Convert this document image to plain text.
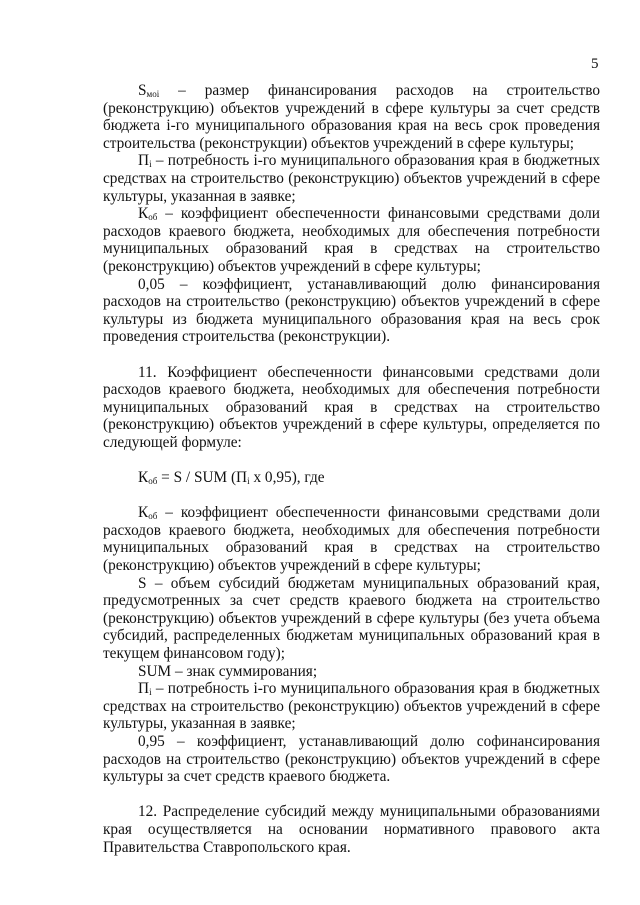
5

$S_{моi}$ – размер финансирования расходов на строительство (реконструкцию) объектов учреждений в сфере культуры за счет средств бюджета i-го муниципального образования края на весь срок проведения строительства (реконструкции) объектов учреждений в сфере культуры;

$П_i$ – потребность i-го муниципального образования края в бюджетных средствах на строительство (реконструкцию) объектов учреждений в сфере культуры, указанная в заявке;

$К_{об}$ – коэффициент обеспеченности финансовыми средствами доли расходов краевого бюджета, необходимых для обеспечения потребности муниципальных образований края в средствах на строительство (реконструкцию) объектов учреждений в сфере культуры;

0,05 – коэффициент, устанавливающий долю финансирования расходов на строительство (реконструкцию) объектов учреждений в сфере культуры из бюджета муниципального образования края на весь срок проведения строительства (реконструкции).

11. Коэффициент обеспеченности финансовыми средствами доли расходов краевого бюджета, необходимых для обеспечения потребности муниципальных образований края в средствах на строительство (реконструкцию) объектов учреждений в сфере культуры, определяется по следующей формуле:

$К_{об} = S$ / SUM ($П_i$ x 0,95), где

$К_{об}$ – коэффициент обеспеченности финансовыми средствами доли расходов краевого бюджета, необходимых для обеспечения потребности муниципальных образований края в средствах на строительство (реконструкцию) объектов учреждений в сфере культуры;

S – объем субсидий бюджетам муниципальных образований края, предусмотренных за счет средств краевого бюджета на строительство (реконструкцию) объектов учреждений в сфере культуры (без учета объема субсидий, распределенных бюджетам муниципальных образований края в текущем финансовом году);

SUM – знак суммирования;

$П_i$ – потребность i-го муниципального образования края в бюджетных средствах на строительство (реконструкцию) объектов учреждений в сфере культуры, указанная в заявке;

0,95 – коэффициент, устанавливающий долю софинансирования расходов на строительство (реконструкцию) объектов учреждений в сфере культуры за счет средств краевого бюджета.

12. Распределение субсидий между муниципальными образованиями края осуществляется на основании нормативного правового акта Правительства Ставропольского края.
